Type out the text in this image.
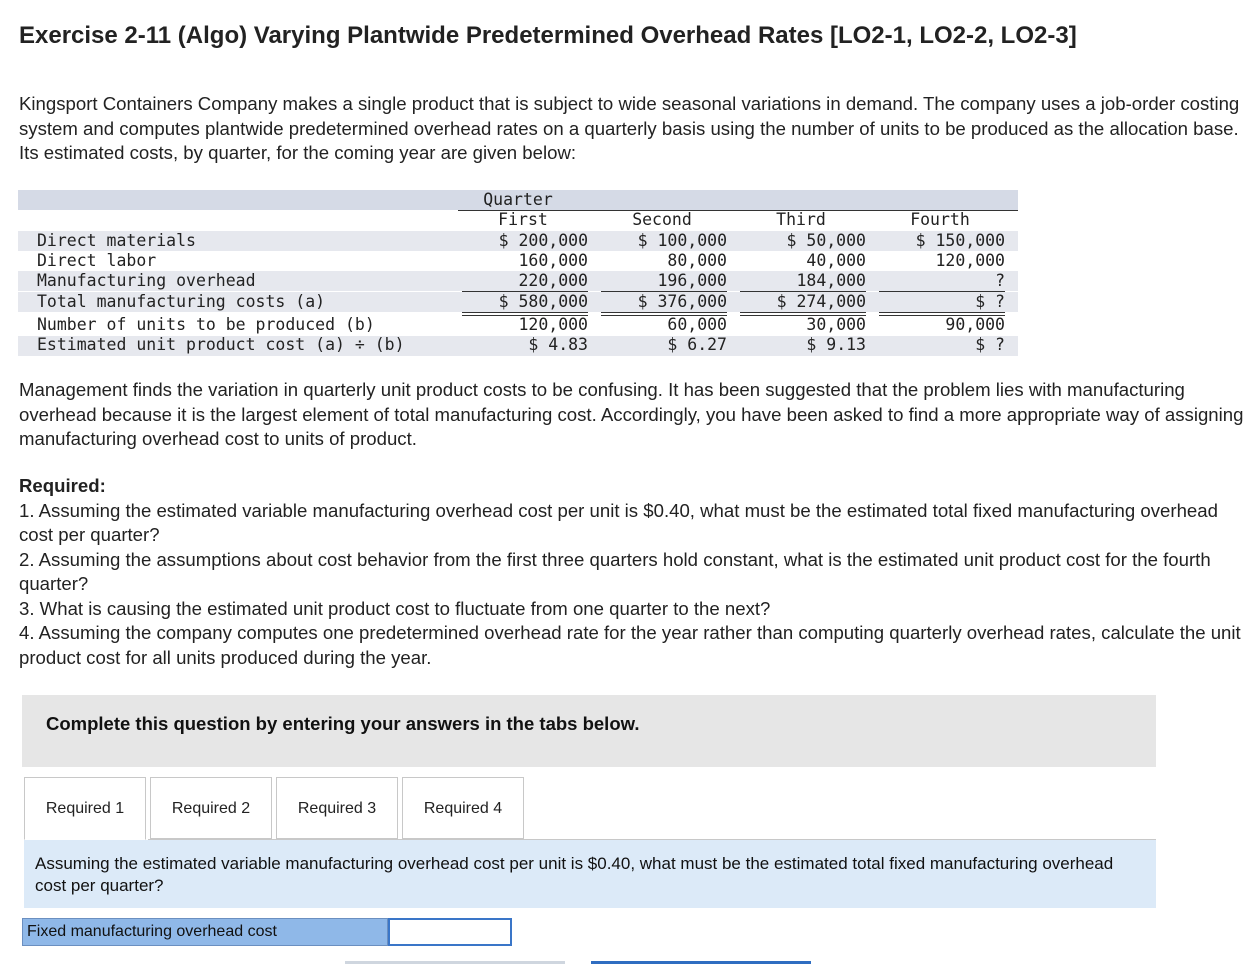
Exercise 2-11 (Algo) Varying Plantwide Predetermined Overhead Rates [LO2-1, LO2-2, LO2-3]
Kingsport Containers Company makes a single product that is subject to wide seasonal variations in demand. The company uses a job-order costing system and computes plantwide predetermined overhead rates on a quarterly basis using the number of units to be produced as the allocation base. Its estimated costs, by quarter, for the coming year are given below:
Quarter
First	Second	Third	Fourth
Direct materials	$ 200,000	$ 100,000	$ 50,000	$ 150,000
Direct labor	160,000	80,000	40,000	120,000
Manufacturing overhead	220,000	196,000	184,000	?
Total manufacturing costs (a)	$ 580,000	$ 376,000	$ 274,000	$ ?
Number of units to be produced (b)	120,000	60,000	30,000	90,000
Estimated unit product cost (a) ÷ (b)	$ 4.83	$ 6.27	$ 9.13	$ ?
Management finds the variation in quarterly unit product costs to be confusing. It has been suggested that the problem lies with manufacturing overhead because it is the largest element of total manufacturing cost. Accordingly, you have been asked to find a more appropriate way of assigning manufacturing overhead cost to units of product.
Required:
1. Assuming the estimated variable manufacturing overhead cost per unit is $0.40, what must be the estimated total fixed manufacturing overhead cost per quarter?
2. Assuming the assumptions about cost behavior from the first three quarters hold constant, what is the estimated unit product cost for the fourth quarter?
3. What is causing the estimated unit product cost to fluctuate from one quarter to the next?
4. Assuming the company computes one predetermined overhead rate for the year rather than computing quarterly overhead rates, calculate the unit product cost for all units produced during the year.
Complete this question by entering your answers in the tabs below.
Required 1	Required 2	Required 3	Required 4
Assuming the estimated variable manufacturing overhead cost per unit is $0.40, what must be the estimated total fixed manufacturing overhead cost per quarter?
Fixed manufacturing overhead cost
